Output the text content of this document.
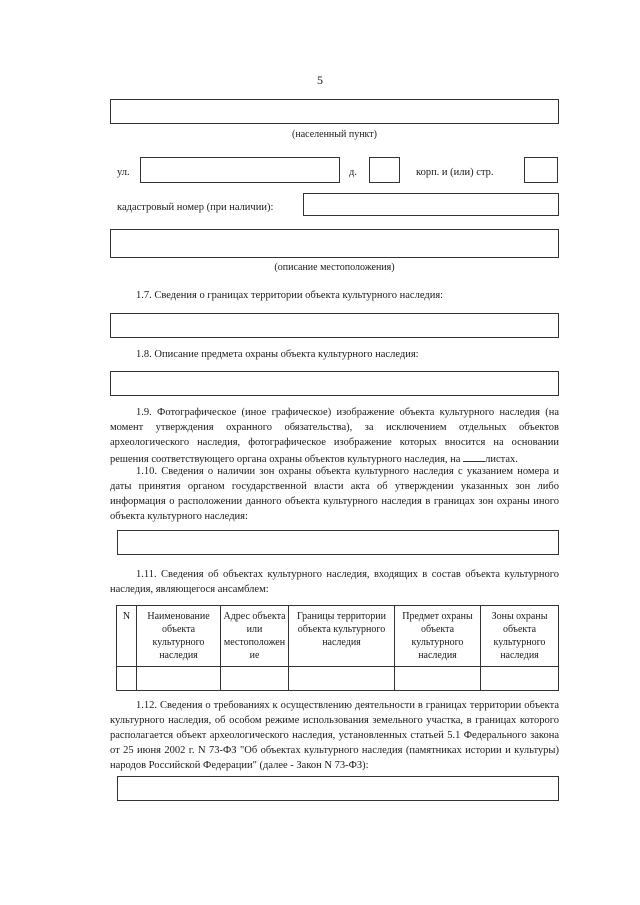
5
(населенный пункт)
ул.	д.	корп. и (или) стр.
кадастровый номер (при наличии):
(описание местоположения)
1.7. Сведения о границах территории объекта культурного наследия:
1.8. Описание предмета охраны объекта культурного наследия:
1.9. Фотографическое (иное графическое) изображение объекта культурного наследия (на момент утверждения охранного обязательства), за исключением отдельных объектов археологического наследия, фотографическое изображение которых вносится на основании решения соответствующего органа охраны объектов культурного наследия, на листах.
1.10. Сведения о наличии зон охраны объекта культурного наследия с указанием номера и даты принятия органом государственной власти акта об утверждении указанных зон либо информация о расположении данного объекта культурного наследия в границах зон охраны иного объекта культурного наследия:
1.11. Сведения об объектах культурного наследия, входящих в состав объекта культурного наследия, являющегося ансамблем:
N	Наименование объекта культурного наследия	Адрес объекта или местоположение	Границы территории объекта культурного наследия	Предмет охраны объекта культурного наследия	Зоны охраны объекта культурного наследия

1.12. Сведения о требованиях к осуществлению деятельности в границах территории объекта культурного наследия, об особом режиме использования земельного участка, в границах которого располагается объект археологического наследия, установленных статьей 5.1 Федерального закона от 25 июня 2002 г. N 73-ФЗ "Об объектах культурного наследия (памятниках истории и культуры) народов Российской Федерации" (далее - Закон N 73-ФЗ):
